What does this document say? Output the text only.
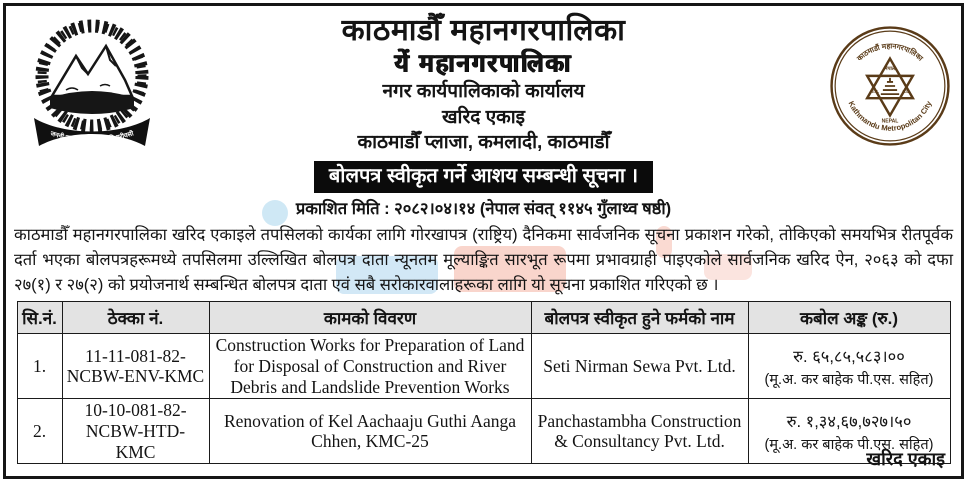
जननी जन्मभूमिश्च स्वर्गादपि गरीयसी
काठमाडौं महानगरपालिका
Kathmandu Metropolitan City
नेपाल
N.S.	A.D.
NEPAL
काठमाडौँ महानगरपालिका
यें महानगरपालिका
नगर कार्यपालिकाको कार्यालय
खरिद एकाइ
काठमाडौँ प्लाजा, कमलादी, काठमाडौँ
बोलपत्र स्वीकृत गर्ने आशय सम्बन्धी सूचना ।
प्रकाशित मिति : २०८२।०४।१४ (नेपाल संवत् ११४५ गुँलाथ्व षष्ठी)

काठमाडौँ महानगरपालिका खरिद एकाइले तपसिलको कार्यका लागि गोरखापत्र (राष्ट्रिय) दैनिकमा सार्वजनिक सूचना प्रकाशन गरेको, तोकिएको समयभित्र रीतपूर्वक दर्ता भएका बोलपत्रहरूमध्ये तपसिलमा उल्लिखित बोलपत्र दाता न्यूनतम मूल्याङ्कित सारभूत रूपमा प्रभावग्राही पाइएकोले सार्वजनिक खरिद ऐन, २०६३ को दफा २७(१) र २७(२) को प्रयोजनार्थ सम्बन्धित बोलपत्र दाता एवं सबै सरोकारवालाहरूका लागि यो सूचना प्रकाशित गरिएको छ ।

सि.नं.	ठेक्का नं.	कामको विवरण	बोलपत्र स्वीकृत हुने फर्मको नाम	कबोल अङ्क (रु.)
1.	11-11-081-82-NCBW-ENV-KMC	Construction Works for Preparation of Land for Disposal of Construction and River Debris and Landslide Prevention Works	Seti Nirman Sewa Pvt. Ltd.	रु. ६५,८५,५८३।००
(मू.अ. कर बाहेक पी.एस. सहित)

2.	10-10-081-82-NCBW-HTD-KMC	Renovation of Kel Aachaaju Guthi Aanga Chhen, KMC-25	Panchastambha Construction & Consultancy Pvt. Ltd.	रु. १,३४,६७,७२७।५०
(मू.अ. कर बाहेक पी.एस. सहित)
खरिद एकाइ
